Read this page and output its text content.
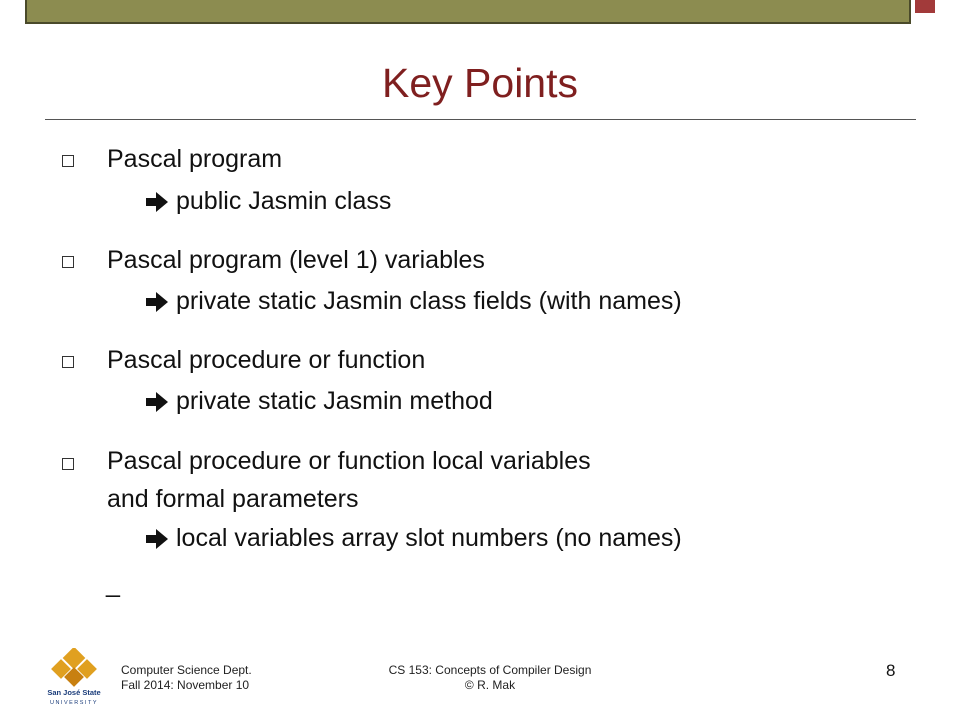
Key Points
Pascal program
public Jasmin class
Pascal program (level 1) variables
private static Jasmin class fields (with names)
Pascal procedure or function
private static Jasmin method
Pascal procedure or function local variables
and formal parameters
local variables array slot numbers (no names)
_
San José State
UNIVERSITY
Computer Science Dept.
Fall 2014: November 10
CS 153: Concepts of Compiler Design
© R. Mak
8
